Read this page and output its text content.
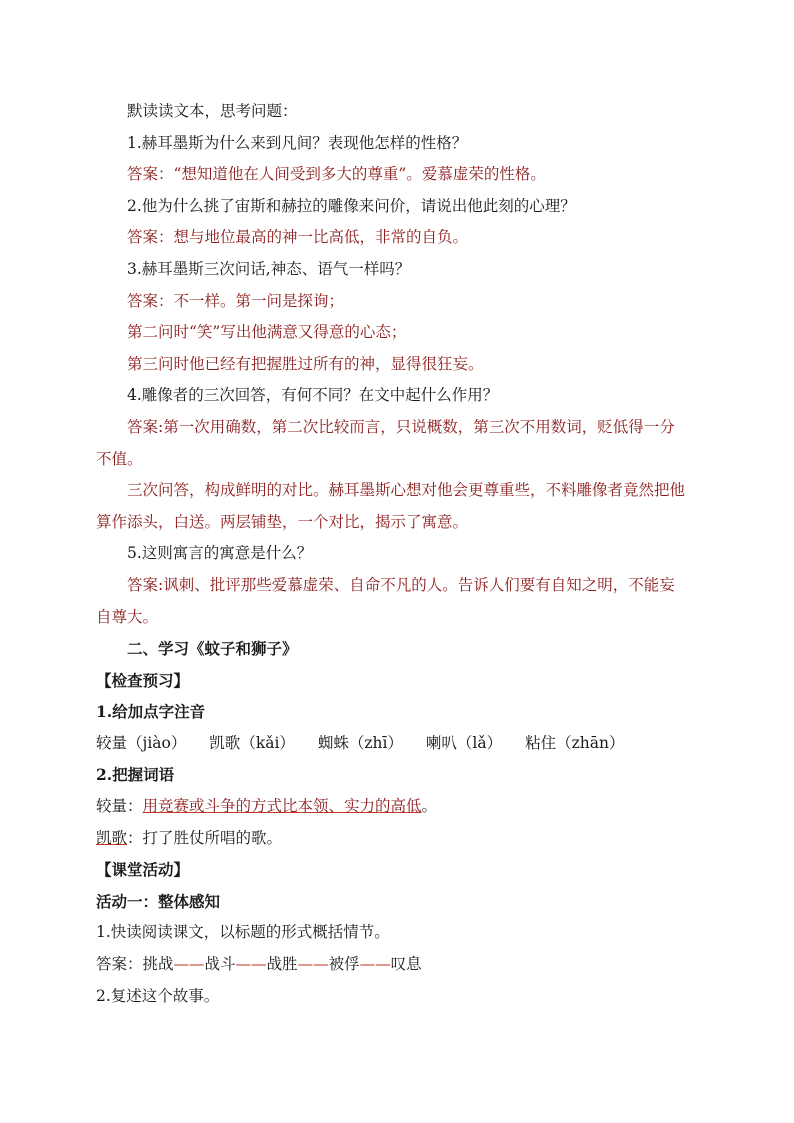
默读读文本，思考问题：
1.赫耳墨斯为什么来到凡间？表现他怎样的性格？
答案：“想知道他在人间受到多大的尊重”。爱慕虚荣的性格。
2.他为什么挑了宙斯和赫拉的雕像来问价，请说出他此刻的心理？
答案：想与地位最高的神一比高低，非常的自负。
3.赫耳墨斯三次问话,神态、语气一样吗？
答案：不一样。第一问是探询；
第二问时“笑”写出他满意又得意的心态；
第三问时他已经有把握胜过所有的神，显得很狂妄。
4.雕像者的三次回答，有何不同？在文中起什么作用？
答案:第一次用确数，第二次比较而言，只说概数，第三次不用数词，贬低得一分
不值。
三次问答，构成鲜明的对比。赫耳墨斯心想对他会更尊重些，不料雕像者竟然把他
算作添头，白送。两层铺垫，一个对比，揭示了寓意。
5.这则寓言的寓意是什么？
答案:讽刺、批评那些爱慕虚荣、自命不凡的人。告诉人们要有自知之明，不能妄
自尊大。
二、学习《蚊子和狮子》
【检查预习】
1.给加点字注音
较量（jiào） 凯歌（kǎi） 蜘蛛（zhī） 喇叭（lǎ） 粘住（zhān）
2.把握词语
较量：用竞赛或斗争的方式比本领、实力的高低。
凯歌：打了胜仗所唱的歌。
【课堂活动】
活动一：整体感知
1.快读阅读课文，以标题的形式概括情节。
答案：挑战——战斗——战胜——被俘——叹息
2.复述这个故事。
